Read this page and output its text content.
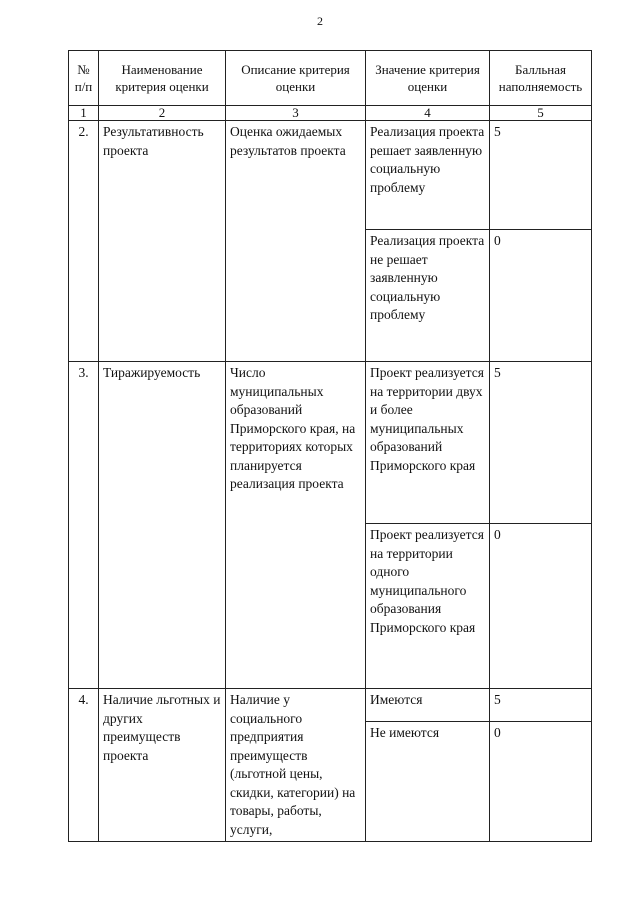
2
№ п/п	Наименование критерия оценки	Описание критерия оценки	Значение критерия оценки	Балльная наполняемость
1	2	3	4	5
2.	Результативность проекта	Оценка ожидаемых результатов проекта	Реализация проекта решает заявленную социальную проблему	5
			Реализация проекта не решает заявленную социальную проблему	0
3.	Тиражируемость	Число муниципальных образований Приморского края, на территориях которых планируется реализация проекта	Проект реализуется на территории двух и более муниципальных образований Приморского края	5
			Проект реализуется на территории одного муниципального образования Приморского края	0
4.	Наличие льготных и других преимуществ проекта	Наличие у социального предприятия преимуществ (льготной цены, скидки, категории) на товары, работы, услуги,	Имеются	5
			Не имеются	0
